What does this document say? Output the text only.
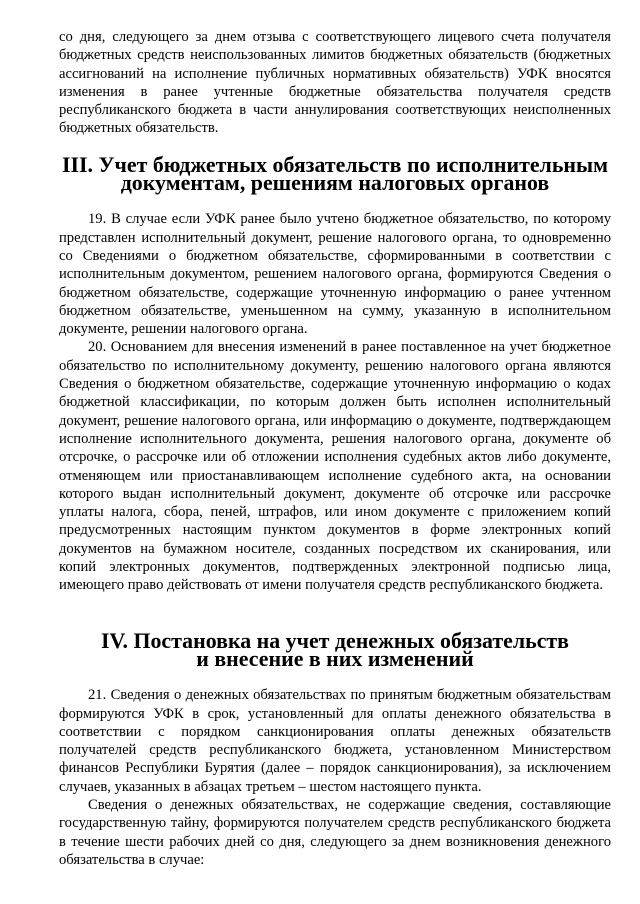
со дня, следующего за днем отзыва с соответствующего лицевого счета получателя бюджетных средств неиспользованных лимитов бюджетных обязательств (бюджетных ассигнований на исполнение публичных нормативных обязательств) УФК вносятся изменения в ранее учтенные бюджетные обязательства получателя средств республиканского бюджета в части аннулирования соответствующих неисполненных бюджетных обязательств.

III. Учет бюджетных обязательств по исполнительным
документам, решениям налоговых органов

19. В случае если УФК ранее было учтено бюджетное обязательство, по которому представлен исполнительный документ, решение налогового органа, то одновременно со Сведениями о бюджетном обязательстве, сформированными в соответствии с исполнительным документом, решением налогового органа, формируются Сведения о бюджетном обязательстве, содержащие уточненную информацию о ранее учтенном бюджетном обязательстве, уменьшенном на сумму, указанную в исполнительном документе, решении налогового органа.

20. Основанием для внесения изменений в ранее поставленное на учет бюджетное обязательство по исполнительному документу, решению налогового органа являются Сведения о бюджетном обязательстве, содержащие уточненную информацию о кодах бюджетной классификации, по которым должен быть исполнен исполнительный документ, решение налогового органа, или информацию о документе, подтверждающем исполнение исполнительного документа, решения налогового органа, документе об отсрочке, о рассрочке или об отложении исполнения судебных актов либо документе, отменяющем или приостанавливающем исполнение судебного акта, на основании которого выдан исполнительный документ, документе об отсрочке или рассрочке уплаты налога, сбора, пеней, штрафов, или ином документе с приложением копий предусмотренных настоящим пунктом документов в форме электронных копий документов на бумажном носителе, созданных посредством их сканирования, или копий электронных документов, подтвержденных электронной подписью лица, имеющего право действовать от имени получателя средств республиканского бюджета.

IV. Постановка на учет денежных обязательств
и внесение в них изменений

21. Сведения о денежных обязательствах по принятым бюджетным обязательствам формируются УФК в срок, установленный для оплаты денежного обязательства в соответствии с порядком санкционирования оплаты денежных обязательств получателей средств республиканского бюджета, установленном Министерством финансов Республики Бурятия (далее – порядок санкционирования), за исключением случаев, указанных в абзацах третьем – шестом настоящего пункта.

Сведения о денежных обязательствах, не содержащие сведения, составляющие государственную тайну, формируются получателем средств республиканского бюджета в течение шести рабочих дней со дня, следующего за днем возникновения денежного обязательства в случае:
